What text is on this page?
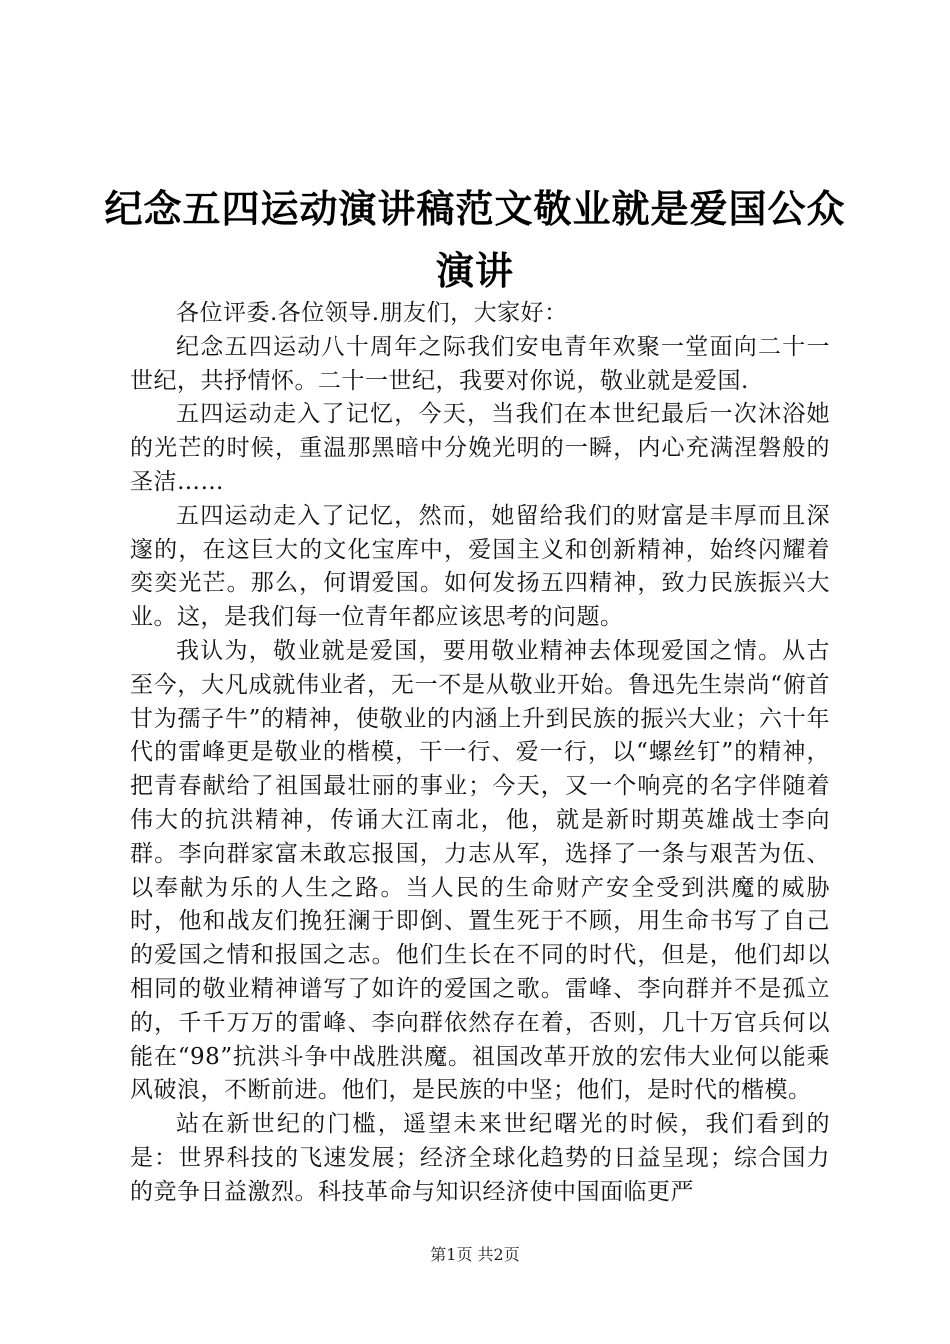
纪念五四运动演讲稿范文敬业就是爱国公众演讲

各位评委.各位领导.朋友们，大家好：

纪念五四运动八十周年之际我们安电青年欢聚一堂面向二十一世纪，共抒情怀。二十一世纪，我要对你说，敬业就是爱国.

五四运动走入了记忆，今天，当我们在本世纪最后一次沐浴她的光芒的时候，重温那黑暗中分娩光明的一瞬，内心充满涅磐般的圣洁……

五四运动走入了记忆，然而，她留给我们的财富是丰厚而且深邃的，在这巨大的文化宝库中，爱国主义和创新精神，始终闪耀着奕奕光芒。那么，何谓爱国。如何发扬五四精神，致力民族振兴大业。这，是我们每一位青年都应该思考的问题。

我认为，敬业就是爱国，要用敬业精神去体现爱国之情。从古至今，大凡成就伟业者，无一不是从敬业开始。鲁迅先生崇尚“俯首甘为孺子牛”的精神，使敬业的内涵上升到民族的振兴大业；六十年代的雷峰更是敬业的楷模，干一行、爱一行，以“螺丝钉”的精神，把青春献给了祖国最壮丽的事业；今天，又一个响亮的名字伴随着伟大的抗洪精神，传诵大江南北，他，就是新时期英雄战士李向群。李向群家富未敢忘报国，力志从军，选择了一条与艰苦为伍、以奉献为乐的人生之路。当人民的生命财产安全受到洪魔的威胁时，他和战友们挽狂澜于即倒、置生死于不顾，用生命书写了自己的爱国之情和报国之志。他们生长在不同的时代，但是，他们却以相同的敬业精神谱写了如许的爱国之歌。雷峰、李向群并不是孤立的，千千万万的雷峰、李向群依然存在着，否则，几十万官兵何以能在“98”抗洪斗争中战胜洪魔。祖国改革开放的宏伟大业何以能乘风破浪，不断前进。他们，是民族的中坚；他们，是时代的楷模。

站在新世纪的门槛，遥望未来世纪曙光的时候，我们看到的是：世界科技的飞速发展；经济全球化趋势的日益呈现；综合国力的竞争日益激烈。科技革命与知识经济使中国面临更严

第1页 共2页
